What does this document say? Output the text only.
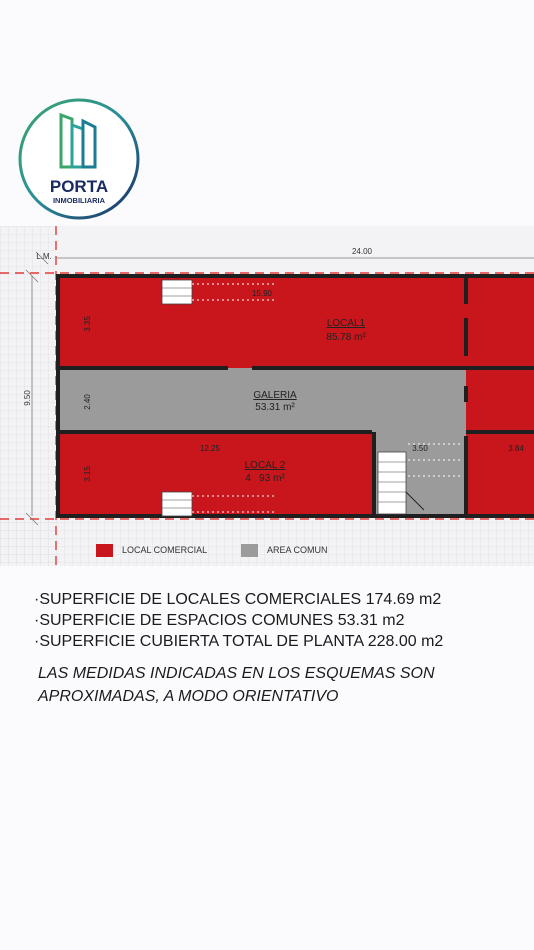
PORTA
INMOBILIARIA
24.00
L.M.
9.50
15.90
12.25	3.50	3.84
3.35
2.40
3.15
LOCAL1
85.78 m²
GALERIA
53.31 m²
LOCAL 2
4   93 m²
LOCAL COMERCIAL	AREA COMUN
·SUPERFICIE DE LOCALES COMERCIALES 174.69 m2
·SUPERFICIE DE ESPACIOS COMUNES 53.31 m2
·SUPERFICIE CUBIERTA TOTAL DE PLANTA 228.00 m2
LAS MEDIDAS INDICADAS EN LOS ESQUEMAS SON APROXIMADAS, A MODO ORIENTATIVO
